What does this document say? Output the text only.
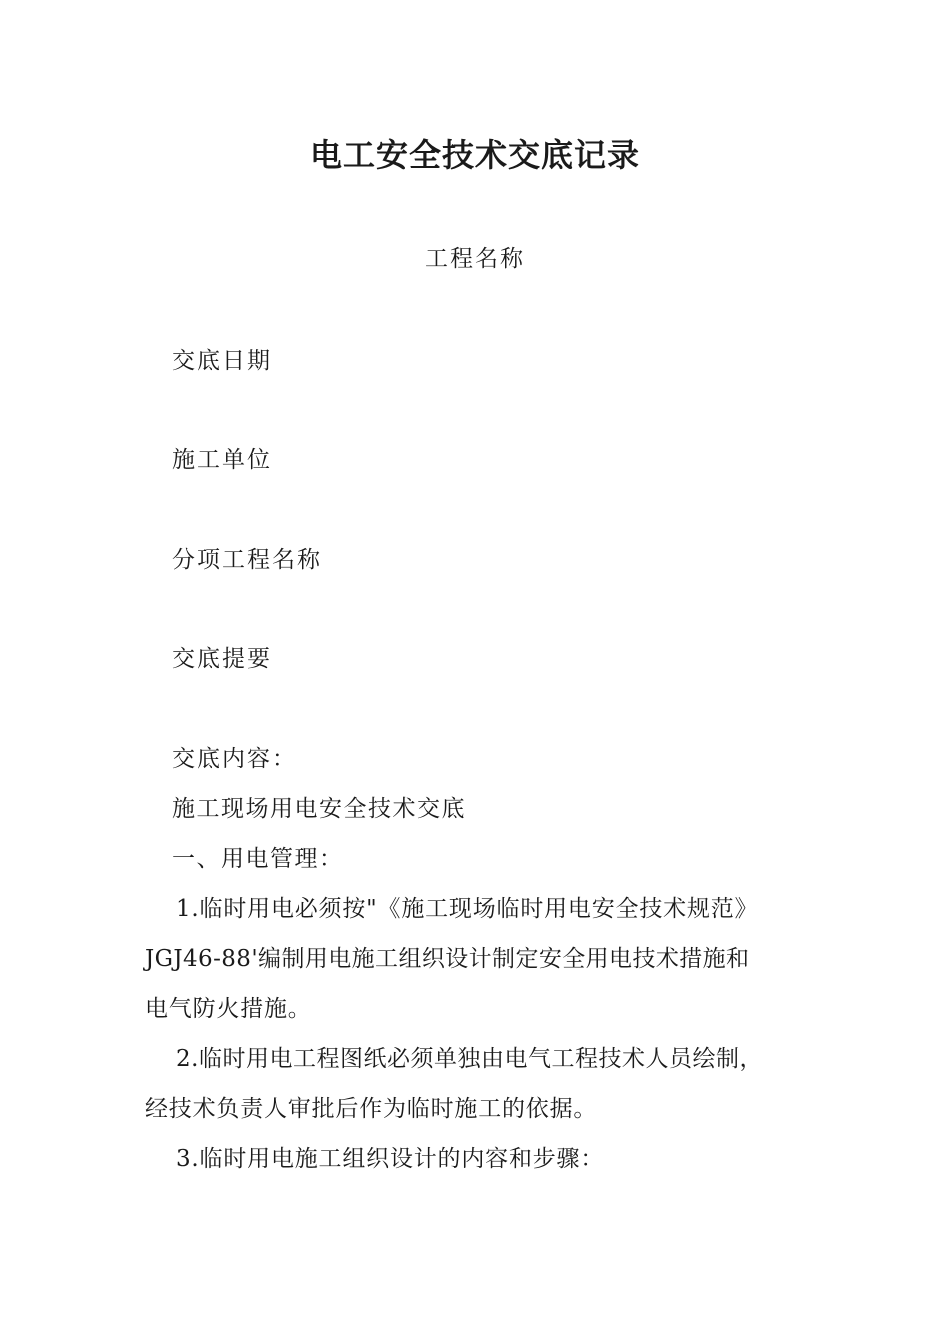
电工安全技术交底记录
工程名称
交底日期
施工单位
分项工程名称
交底提要
交底内容：
施工现场用电安全技术交底
一、用电管理：
1.临时用电必须按"《施工现场临时用电安全技术规范》
JGJ46-88'编制用电施工组织设计制定安全用电技术措施和
电气防火措施。
2.临时用电工程图纸必须单独由电气工程技术人员绘制，
经技术负责人审批后作为临时施工的依据。
3.临时用电施工组织设计的内容和步骤：
